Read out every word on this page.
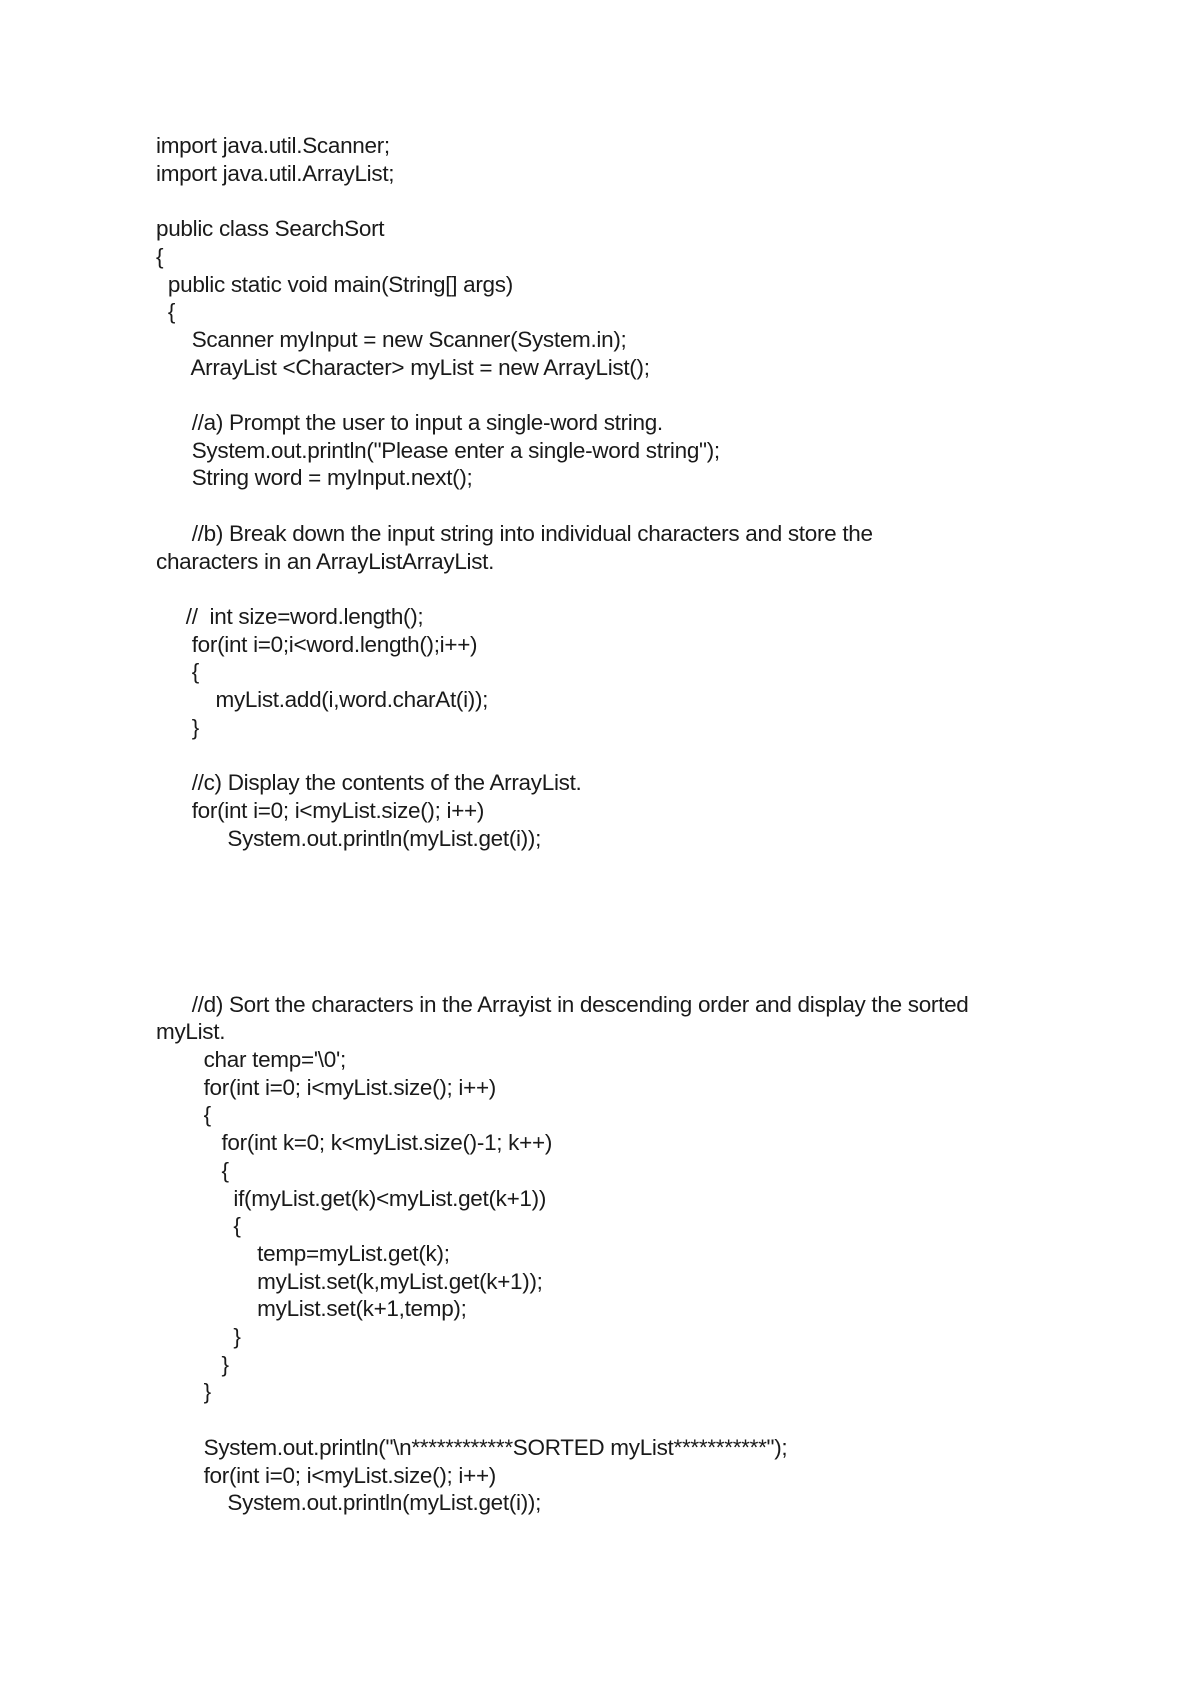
import java.util.Scanner;
import java.util.ArrayList;
public class SearchSort
{
public static void main(String[] args)
{
Scanner myInput = new Scanner(System.in);
ArrayList <Character> myList = new ArrayList();
//a) Prompt the user to input a single-word string.
System.out.println("Please enter a single-word string");
String word = myInput.next();
//b) Break down the input string into individual characters and store the
characters in an ArrayListArrayList.
//  int size=word.length();
for(int i=0;i<word.length();i++)
{
myList.add(i,word.charAt(i));
}
//c) Display the contents of the ArrayList.
for(int i=0; i<myList.size(); i++)
System.out.println(myList.get(i));
//d) Sort the characters in the Arrayist in descending order and display the sorted
myList.
char temp='\0';
for(int i=0; i<myList.size(); i++)
{
for(int k=0; k<myList.size()-1; k++)
{
if(myList.get(k)<myList.get(k+1))
{
temp=myList.get(k);
myList.set(k,myList.get(k+1));
myList.set(k+1,temp);
}
}
}
System.out.println("\n************SORTED myList***********");
for(int i=0; i<myList.size(); i++)
System.out.println(myList.get(i));
